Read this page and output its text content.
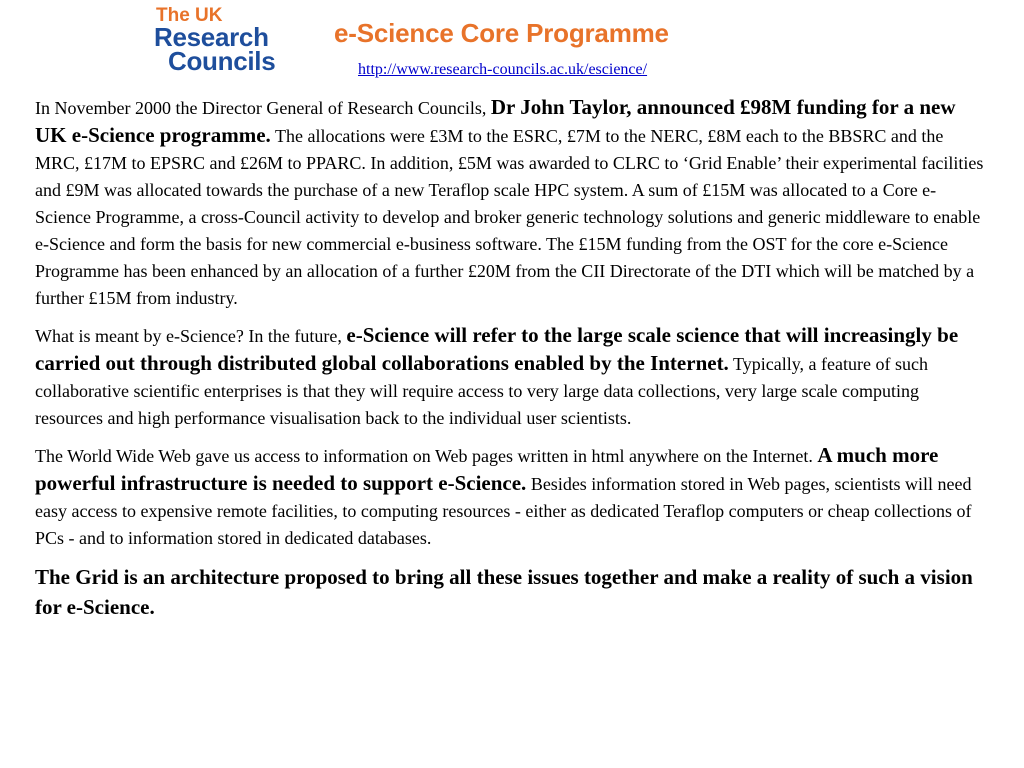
The UK
Research
Councils
e-Science Core Programme
http://www.research-councils.ac.uk/escience/

In November 2000 the Director General of Research Councils, Dr John Taylor, announced £98M funding for a new UK e-Science programme. The allocations were £3M to the ESRC, £7M to the NERC, £8M each to the BBSRC and the MRC, £17M to EPSRC and £26M to PPARC. In addition, £5M was awarded to CLRC to ‘Grid Enable’ their experimental facilities and £9M was allocated towards the purchase of a new Teraflop scale HPC system. A sum of £15M was allocated to a Core e-Science Programme, a cross-Council activity to develop and broker generic technology solutions and generic middleware to enable e-Science and form the basis for new commercial e-business software. The £15M funding from the OST for the core e-Science Programme has been enhanced by an allocation of a further £20M from the CII Directorate of the DTI which will be matched by a further £15M from industry.

What is meant by e-Science? In the future, e-Science will refer to the large scale science that will increasingly be carried out through distributed global collaborations enabled by the Internet. Typically, a feature of such collaborative scientific enterprises is that they will require access to very large data collections, very large scale computing resources and high performance visualisation back to the individual user scientists.

The World Wide Web gave us access to information on Web pages written in html anywhere on the Internet. A much more powerful infrastructure is needed to support e-Science. Besides information stored in Web pages, scientists will need easy access to expensive remote facilities, to computing resources - either as dedicated Teraflop computers or cheap collections of PCs - and to information stored in dedicated databases.

The Grid is an architecture proposed to bring all these issues together and make a reality of such a vision for e-Science.
